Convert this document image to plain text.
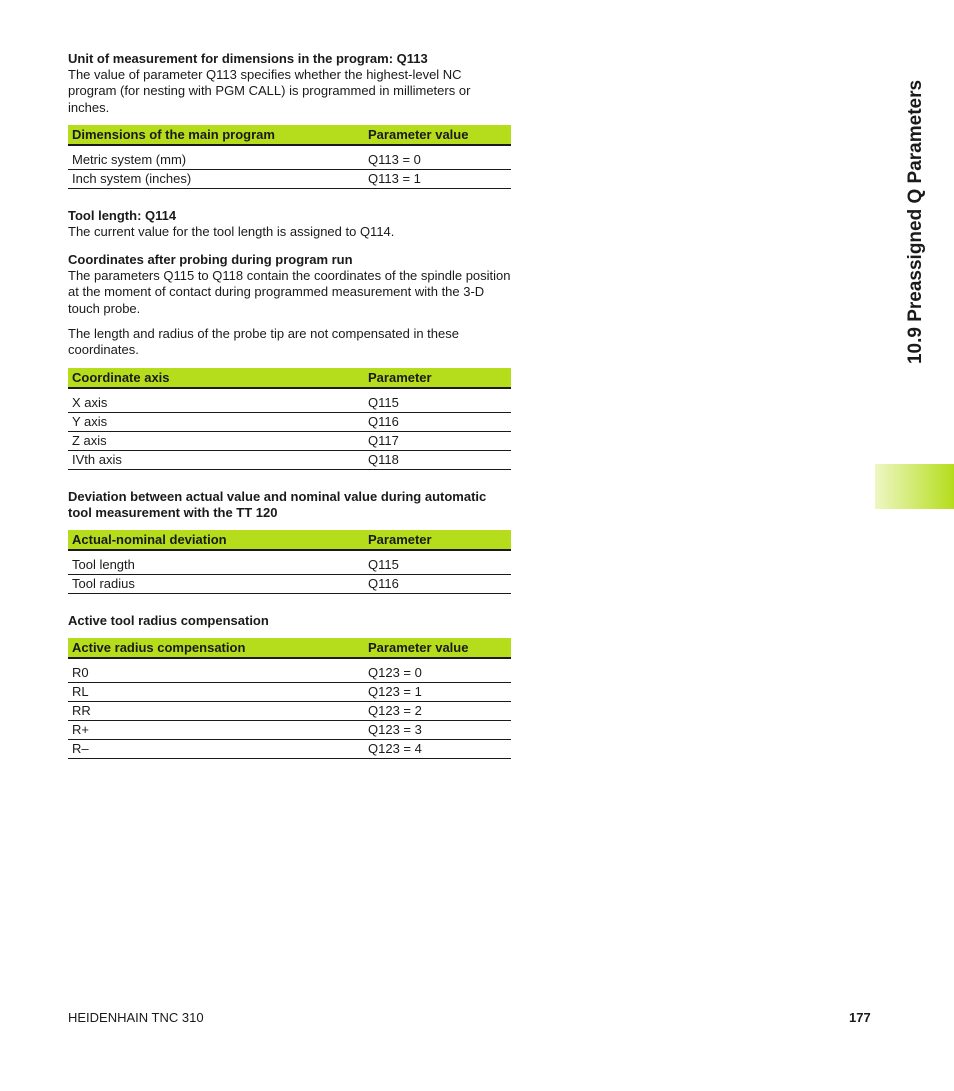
Unit of measurement for dimensions in the program: Q113

The value of parameter Q113 specifies whether the highest-level NC program (for nesting with PGM CALL) is programmed in millimeters or inches.

Dimensions of the main program	Parameter value
Metric system (mm)	Q113 = 0
Inch system (inches)	Q113 = 1

Tool length: Q114

The current value for the tool length is assigned to Q114.

Coordinates after probing during program run

The parameters Q115 to Q118 contain the coordinates of the spindle position at the moment of contact during programmed measurement with the 3-D touch probe.

The length and radius of the probe tip are not compensated in these coordinates.

Coordinate axis	Parameter
X axis	Q115
Y axis	Q116
Z axis	Q117
IVth axis	Q118

Deviation between actual value and nominal value during automatic tool measurement with the TT 120

Actual-nominal deviation	Parameter
Tool length	Q115
Tool radius	Q116

Active tool radius compensation

Active radius compensation	Parameter value
R0	Q123 = 0
RL	Q123 = 1
RR	Q123 = 2
R+	Q123 = 3
R–	Q123 = 4
10.9 Preassigned Q Parameters
HEIDENHAIN TNC 310	177
